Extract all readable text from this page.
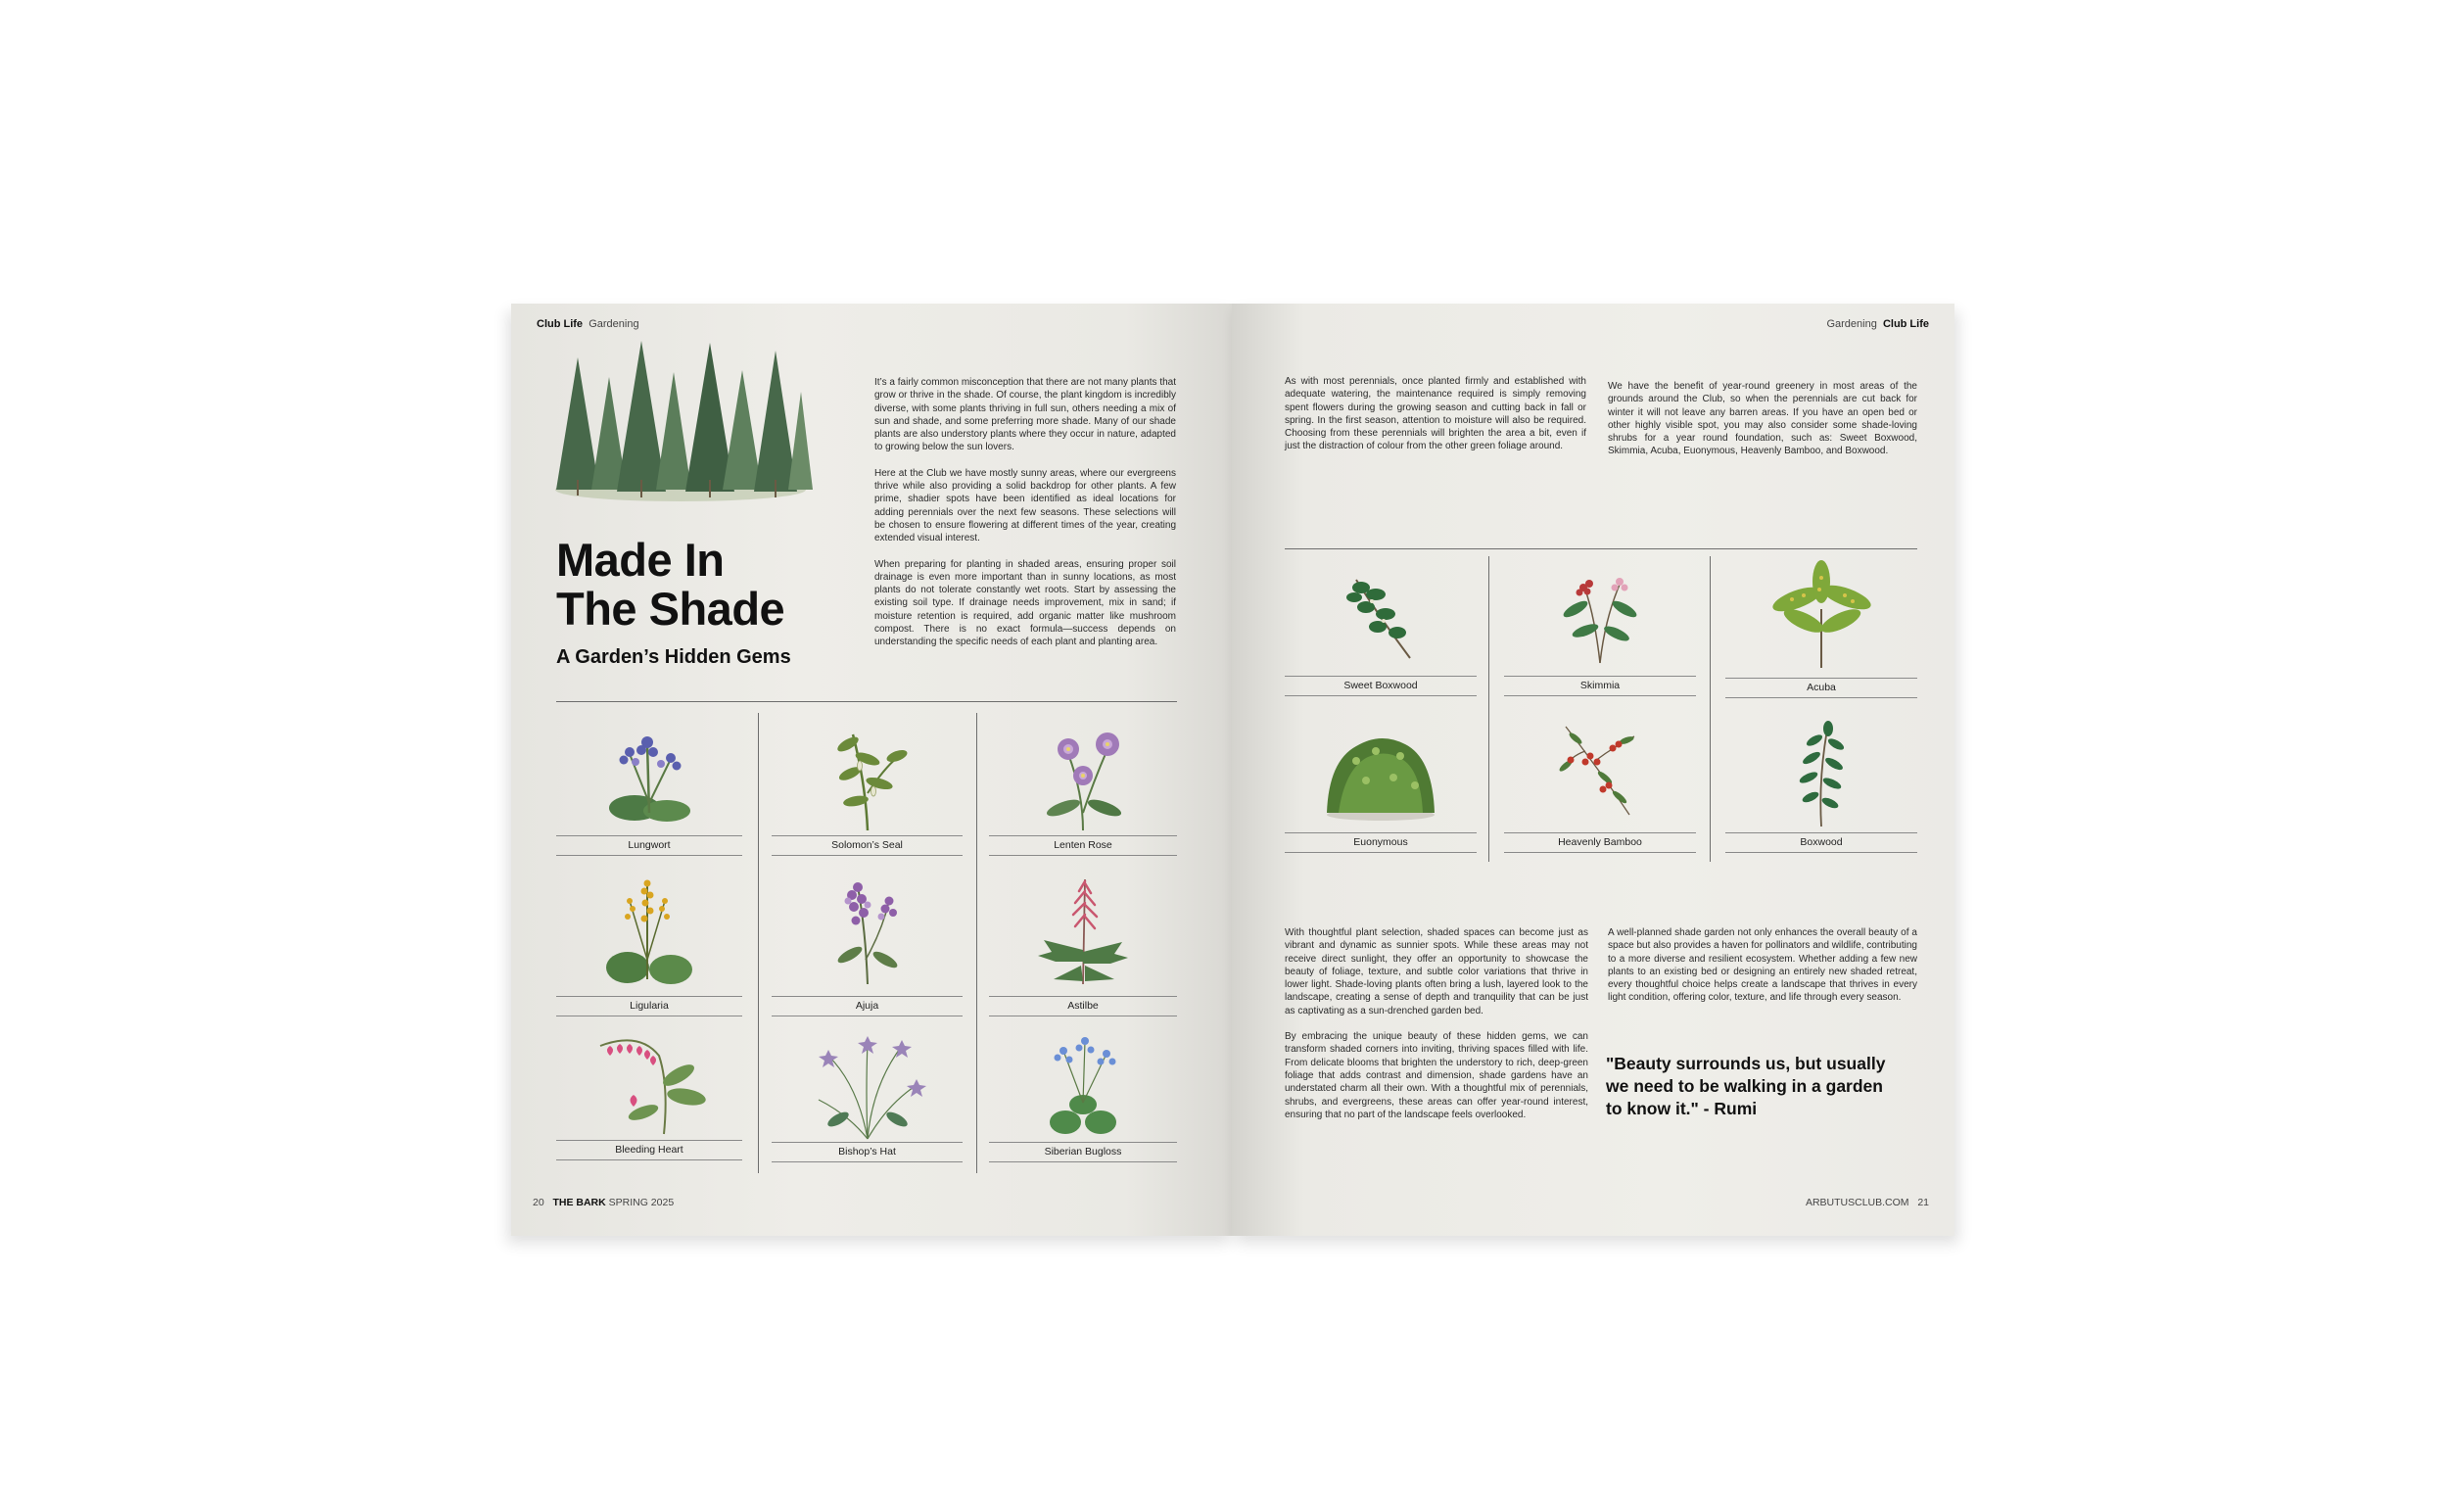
Club Life Gardening
Made In
The Shade
A Garden’s Hidden Gems

It’s a fairly common misconception that there are not many plants that grow or thrive in the shade. Of course, the plant kingdom is incredibly diverse, with some plants thriving in full sun, others needing a mix of sun and shade, and some preferring more shade. Many of our shade plants are also understory plants where they occur in nature, adapted to growing below the sun lovers.

Here at the Club we have mostly sunny areas, where our evergreens thrive while also providing a solid backdrop for other plants. A few prime, shadier spots have been identified as ideal locations for adding perennials over the next few seasons. These selections will be chosen to ensure flowering at different times of the year, creating extended visual interest.

When preparing for planting in shaded areas, ensuring proper soil drainage is even more important than in sunny locations, as most plants do not tolerate constantly wet roots. Start by assessing the existing soil type. If drainage needs improvement, mix in sand; if moisture retention is required, add organic matter like mushroom compost. There is no exact formula—success depends on understanding the specific needs of each plant and planting area.

Lungwort	Solomon’s Seal	Lenten Rose
Ligularia	Ajuja	Astilbe
Bleeding Heart	Bishop’s Hat	Siberian Bugloss
20 THE BARK SPRING 2025
Gardening Club Life

As with most perennials, once planted firmly and established with adequate watering, the maintenance required is simply removing spent flowers during the growing season and cutting back in fall or spring. In the first season, attention to moisture will also be required. Choosing from these perennials will brighten the area a bit, even if just the distraction of colour from the other green foliage around.

We have the benefit of year-round greenery in most areas of the grounds around the Club, so when the perennials are cut back for winter it will not leave any barren areas. If you have an open bed or other highly visible spot, you may also consider some shade-loving shrubs for a year round foundation, such as: Sweet Boxwood, Skimmia, Acuba, Euonymous, Heavenly Bamboo, and Boxwood.

Sweet Boxwood	Skimmia	Acuba
Euonymous	Heavenly Bamboo	Boxwood

With thoughtful plant selection, shaded spaces can become just as vibrant and dynamic as sunnier spots. While these areas may not receive direct sunlight, they offer an opportunity to showcase the beauty of foliage, texture, and subtle color variations that thrive in lower light. Shade-loving plants often bring a lush, layered look to the landscape, creating a sense of depth and tranquility that can be just as captivating as a sun-drenched garden bed.

By embracing the unique beauty of these hidden gems, we can transform shaded corners into inviting, thriving spaces filled with life. From delicate blooms that brighten the understory to rich, deep-green foliage that adds contrast and dimension, shade gardens have an understated charm all their own. With a thoughtful mix of perennials, shrubs, and evergreens, these areas can offer year-round interest, ensuring that no part of the landscape feels overlooked.

A well-planned shade garden not only enhances the overall beauty of a space but also provides a haven for pollinators and wildlife, contributing to a more diverse and resilient ecosystem. Whether adding a few new plants to an existing bed or designing an entirely new shaded retreat, every thoughtful choice helps create a landscape that thrives in every light condition, offering color, texture, and life through every season.

"Beauty surrounds us, but usually we need to be walking in a garden to know it." - Rumi
ARBUTUSCLUB.COM 21
